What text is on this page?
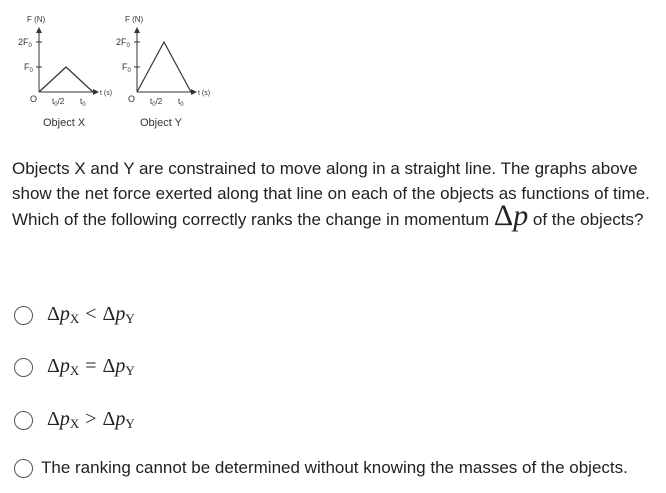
F (N)
$2F_0$
$F_0$
O $t_0/2$ $t_0$
t (s)
Object X
F (N)
$2F_0$
$F_0$
O $t_0/2$ $t_0$
t (s)
Object Y
Objects X and Y are constrained to move along in a straight line. The graphs above show the net force exerted along that line on each of the objects as functions of time. Which of the following correctly ranks the change in momentum Δp of the objects?
$\Delta p_X < \Delta p_Y$
$\Delta p_X = \Delta p_Y$
$\Delta p_X > \Delta p_Y$
The ranking cannot be determined without knowing the masses of the objects.
